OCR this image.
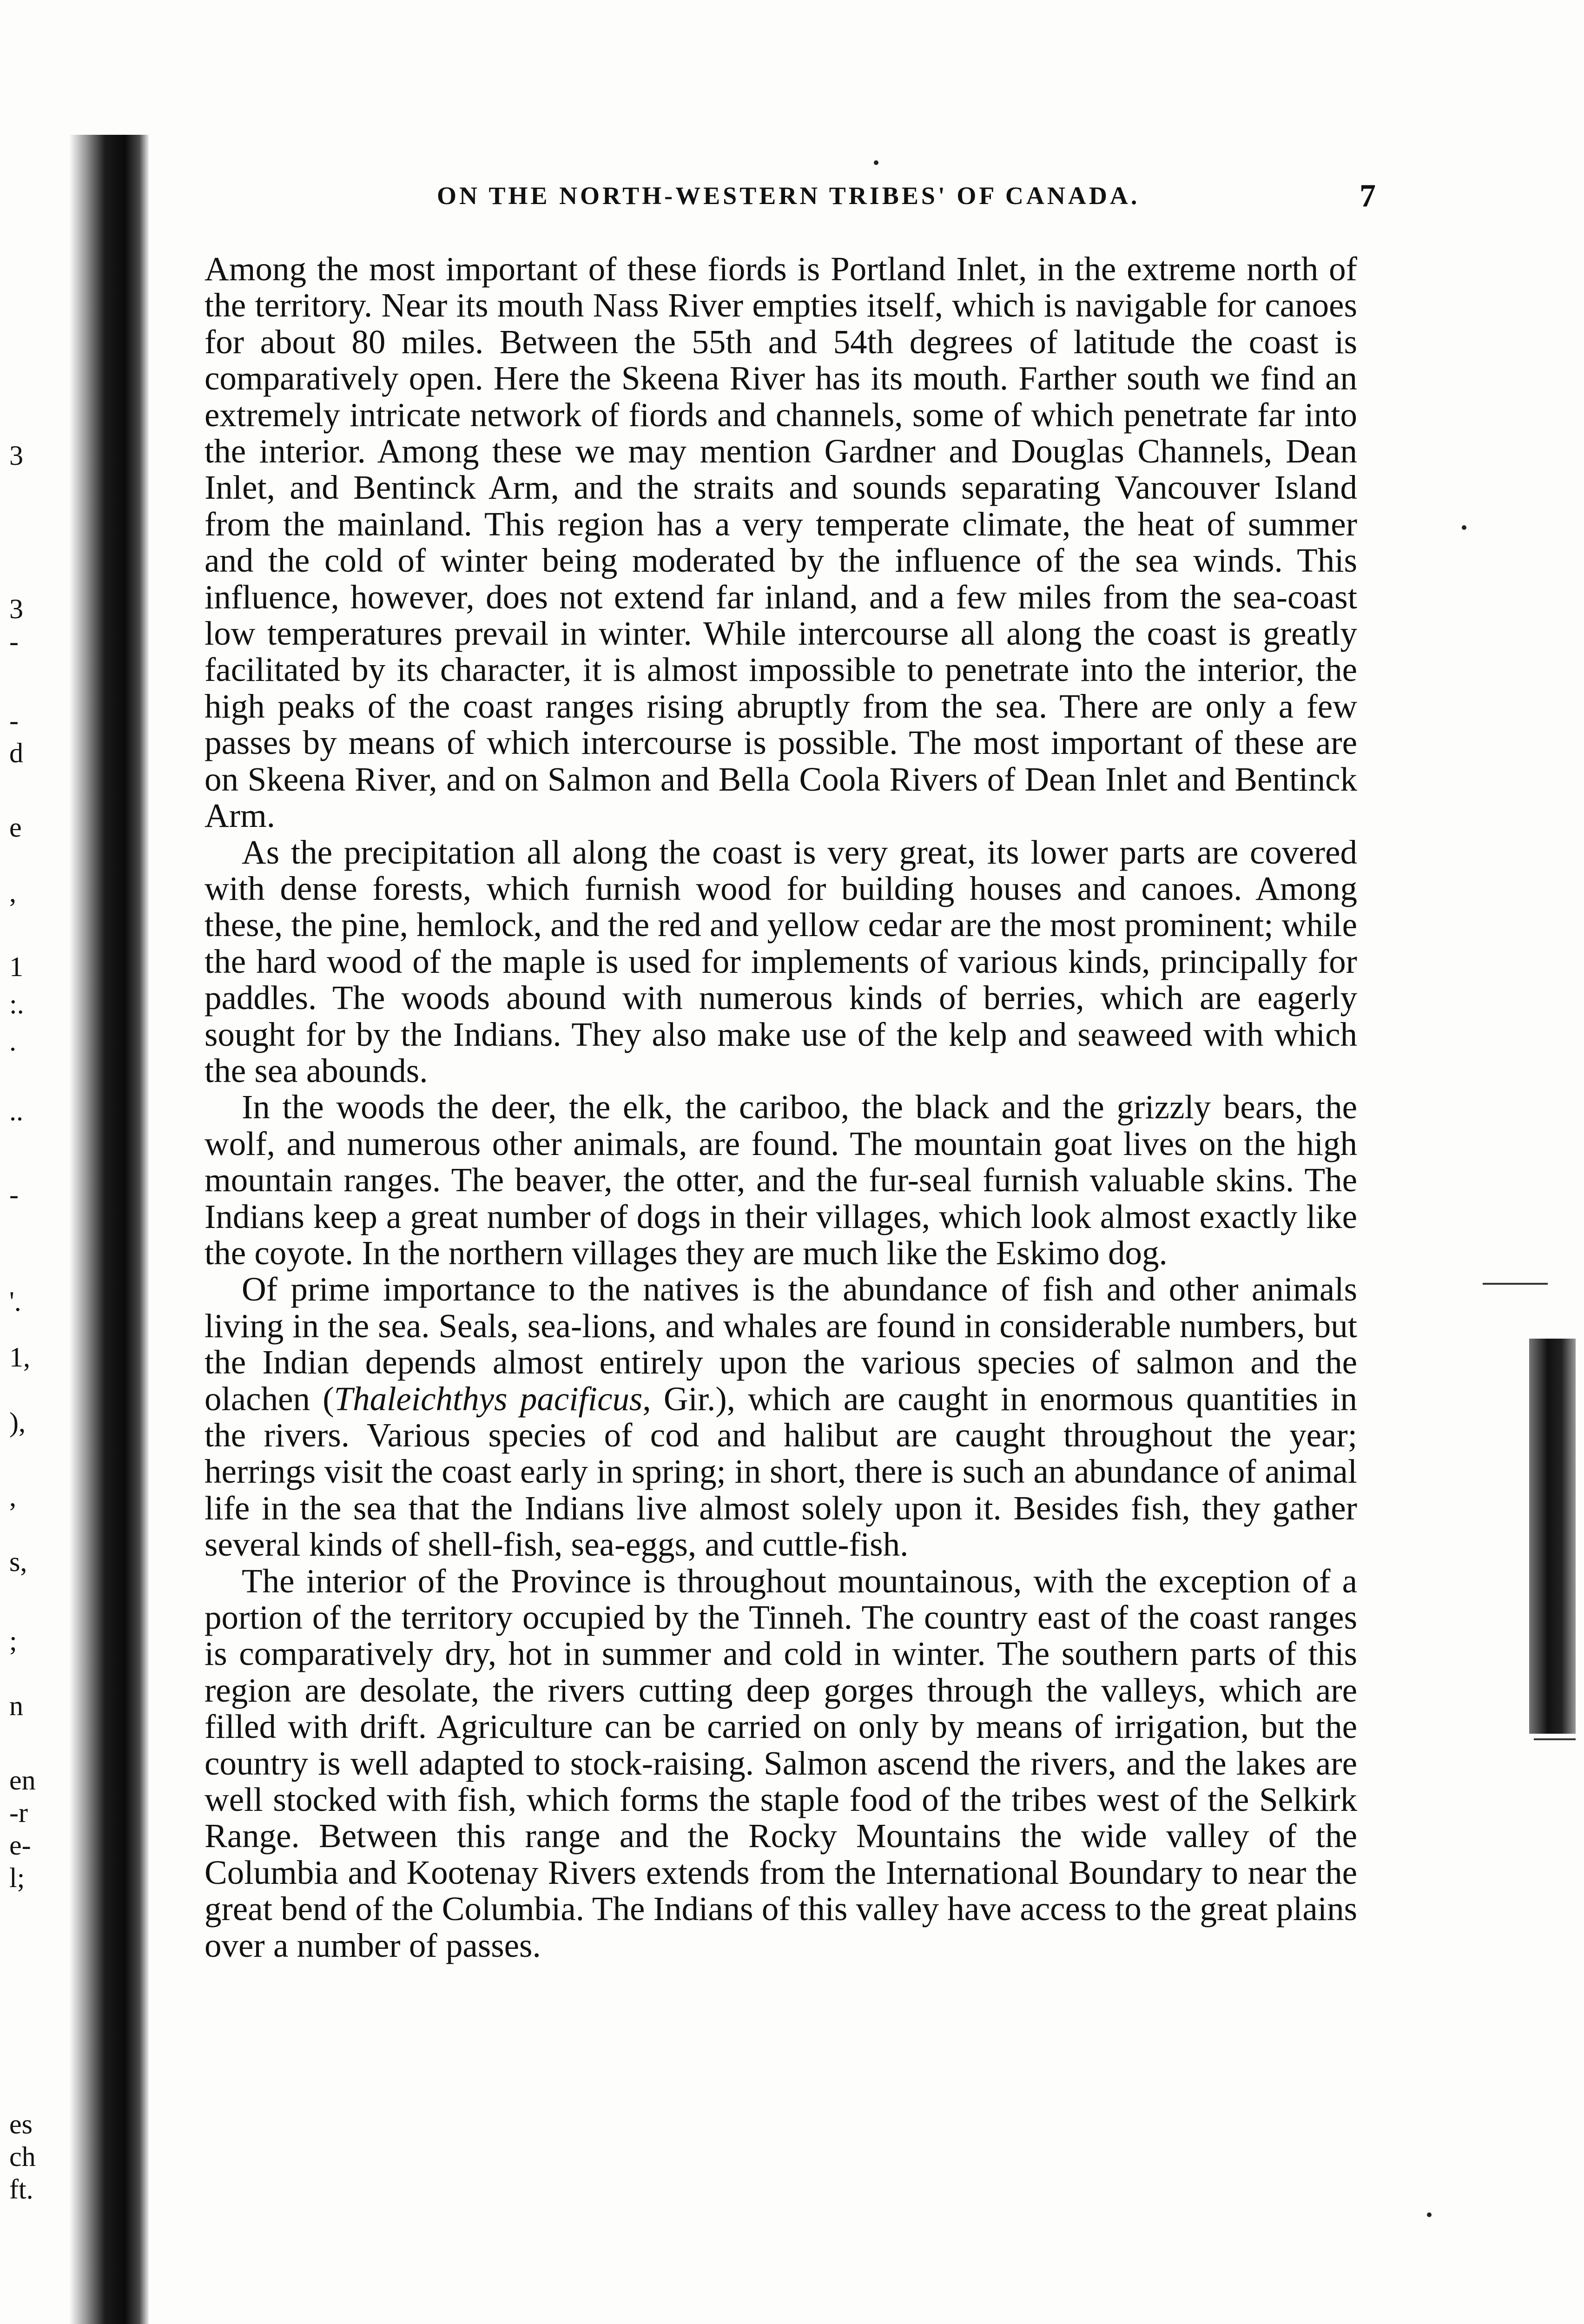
3
3
-
-
d
e
,
1
:.
.
..
-
'.
1,
),
,
s,
;
n
en
-r
e-
l;
es
ch
ft.
ON THE NORTH-WESTERN TRIBES' OF CANADA.	7

Among the most important of these fiords is Portland Inlet, in the extreme north of the territory. Near its mouth Nass River empties itself, which is navigable for canoes for about 80 miles. Between the 55th and 54th degrees of latitude the coast is comparatively open. Here the Skeena River has its mouth. Farther south we find an extremely intricate network of fiords and channels, some of which penetrate far into the interior. Among these we may mention Gardner and Douglas Channels, Dean Inlet, and Bentinck Arm, and the straits and sounds separating Vancouver Island from the mainland. This region has a very temperate climate, the heat of summer and the cold of winter being moderated by the influence of the sea winds. This influence, however, does not extend far inland, and a few miles from the sea-coast low temperatures prevail in winter. While intercourse all along the coast is greatly facilitated by its character, it is almost impossible to penetrate into the interior, the high peaks of the coast ranges rising abruptly from the sea. There are only a few passes by means of which intercourse is possible. The most important of these are on Skeena River, and on Salmon and Bella Coola Rivers of Dean Inlet and Bentinck Arm.

As the precipitation all along the coast is very great, its lower parts are covered with dense forests, which furnish wood for building houses and canoes. Among these, the pine, hemlock, and the red and yellow cedar are the most prominent; while the hard wood of the maple is used for implements of various kinds, principally for paddles. The woods abound with numerous kinds of berries, which are eagerly sought for by the Indians. They also make use of the kelp and seaweed with which the sea abounds.

In the woods the deer, the elk, the cariboo, the black and the grizzly bears, the wolf, and numerous other animals, are found. The mountain goat lives on the high mountain ranges. The beaver, the otter, and the fur-seal furnish valuable skins. The Indians keep a great number of dogs in their villages, which look almost exactly like the coyote. In the northern villages they are much like the Eskimo dog.

Of prime importance to the natives is the abundance of fish and other animals living in the sea. Seals, sea-lions, and whales are found in considerable numbers, but the Indian depends almost entirely upon the various species of salmon and the olachen (Thaleichthys pacificus, Gir.), which are caught in enormous quantities in the rivers. Various species of cod and halibut are caught throughout the year; herrings visit the coast early in spring; in short, there is such an abundance of animal life in the sea that the Indians live almost solely upon it. Besides fish, they gather several kinds of shell-fish, sea-eggs, and cuttle-fish.

The interior of the Province is throughout mountainous, with the exception of a portion of the territory occupied by the Tinneh. The country east of the coast ranges is comparatively dry, hot in summer and cold in winter. The southern parts of this region are desolate, the rivers cutting deep gorges through the valleys, which are filled with drift. Agriculture can be carried on only by means of irrigation, but the country is well adapted to stock-raising. Salmon ascend the rivers, and the lakes are well stocked with fish, which forms the staple food of the tribes west of the Selkirk Range. Between this range and the Rocky Mountains the wide valley of the Columbia and Kootenay Rivers extends from the International Boundary to near the great bend of the Columbia. The Indians of this valley have access to the great plains over a number of passes.
